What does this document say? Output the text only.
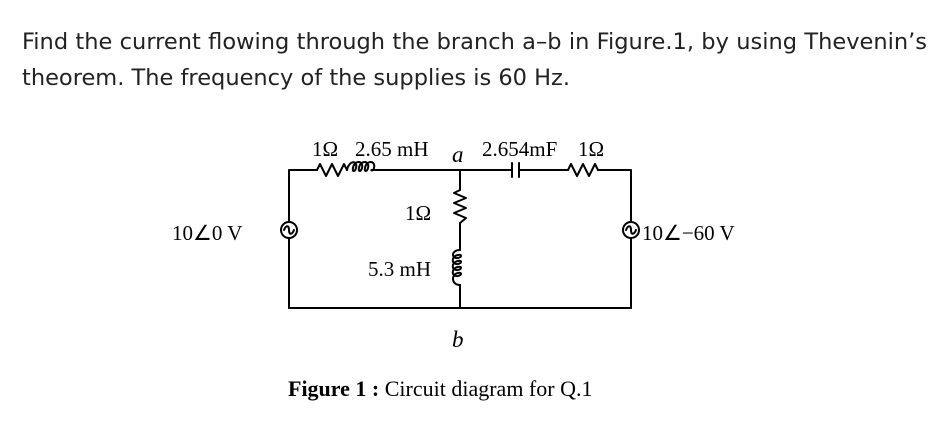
Find the current flowing through the branch a–b in Figure.1, by using Thevenin’s theorem. The frequency of the supplies is 60 Hz.
1Ω 2.65 mH a 2.654mF 1Ω
10∠0 V	10∠−60 V
1Ω
5.3 mH
b
Figure 1 : Circuit diagram for Q.1
